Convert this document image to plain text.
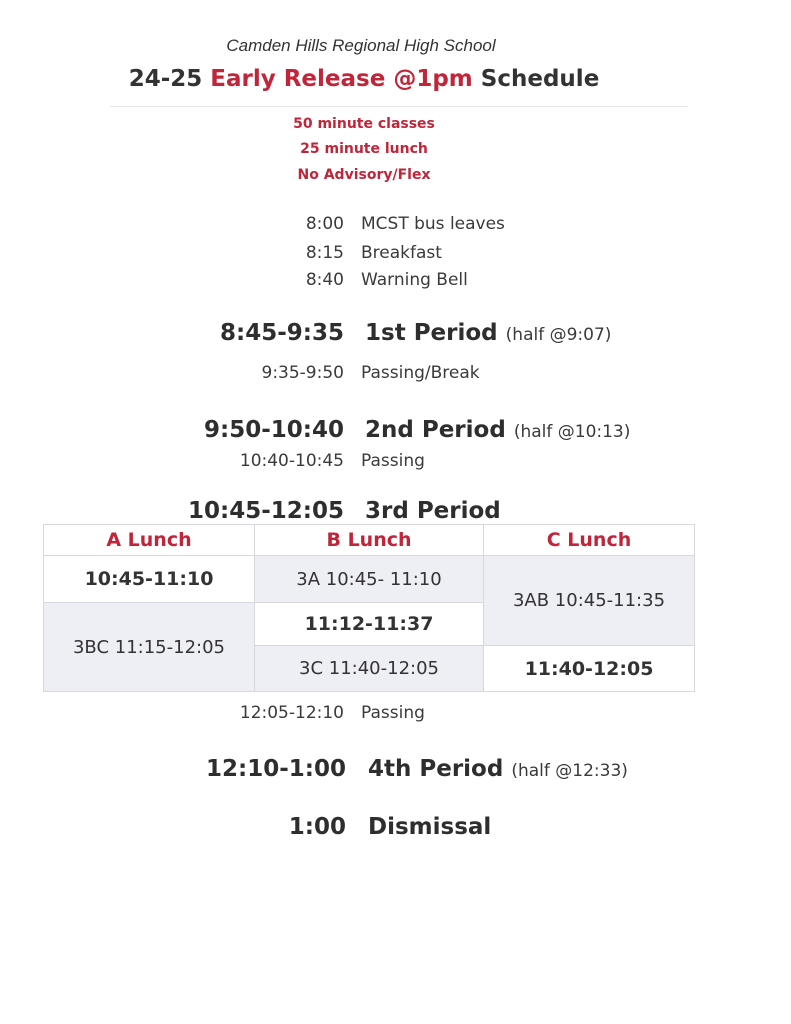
Camden Hills Regional High School
24-25 Early Release @1pm Schedule
50 minute classes
25 minute lunch
No Advisory/Flex
8:00 MCST bus leaves
8:15 Breakfast
8:40 Warning Bell
8:45-9:35 1st Period (half @9:07)
9:35-9:50 Passing/Break
9:50-10:40 2nd Period (half @10:13)
10:40-10:45 Passing
10:45-12:05 3rd Period
A Lunch	B Lunch	C Lunch
10:45-11:10	3A 10:45- 11:10	3AB 10:45-11:35
3BC 11:15-12:05	11:12-11:37	
	3C 11:40-12:05	11:40-12:05
12:05-12:10 Passing
12:10-1:00 4th Period (half @12:33)
1:00 Dismissal
